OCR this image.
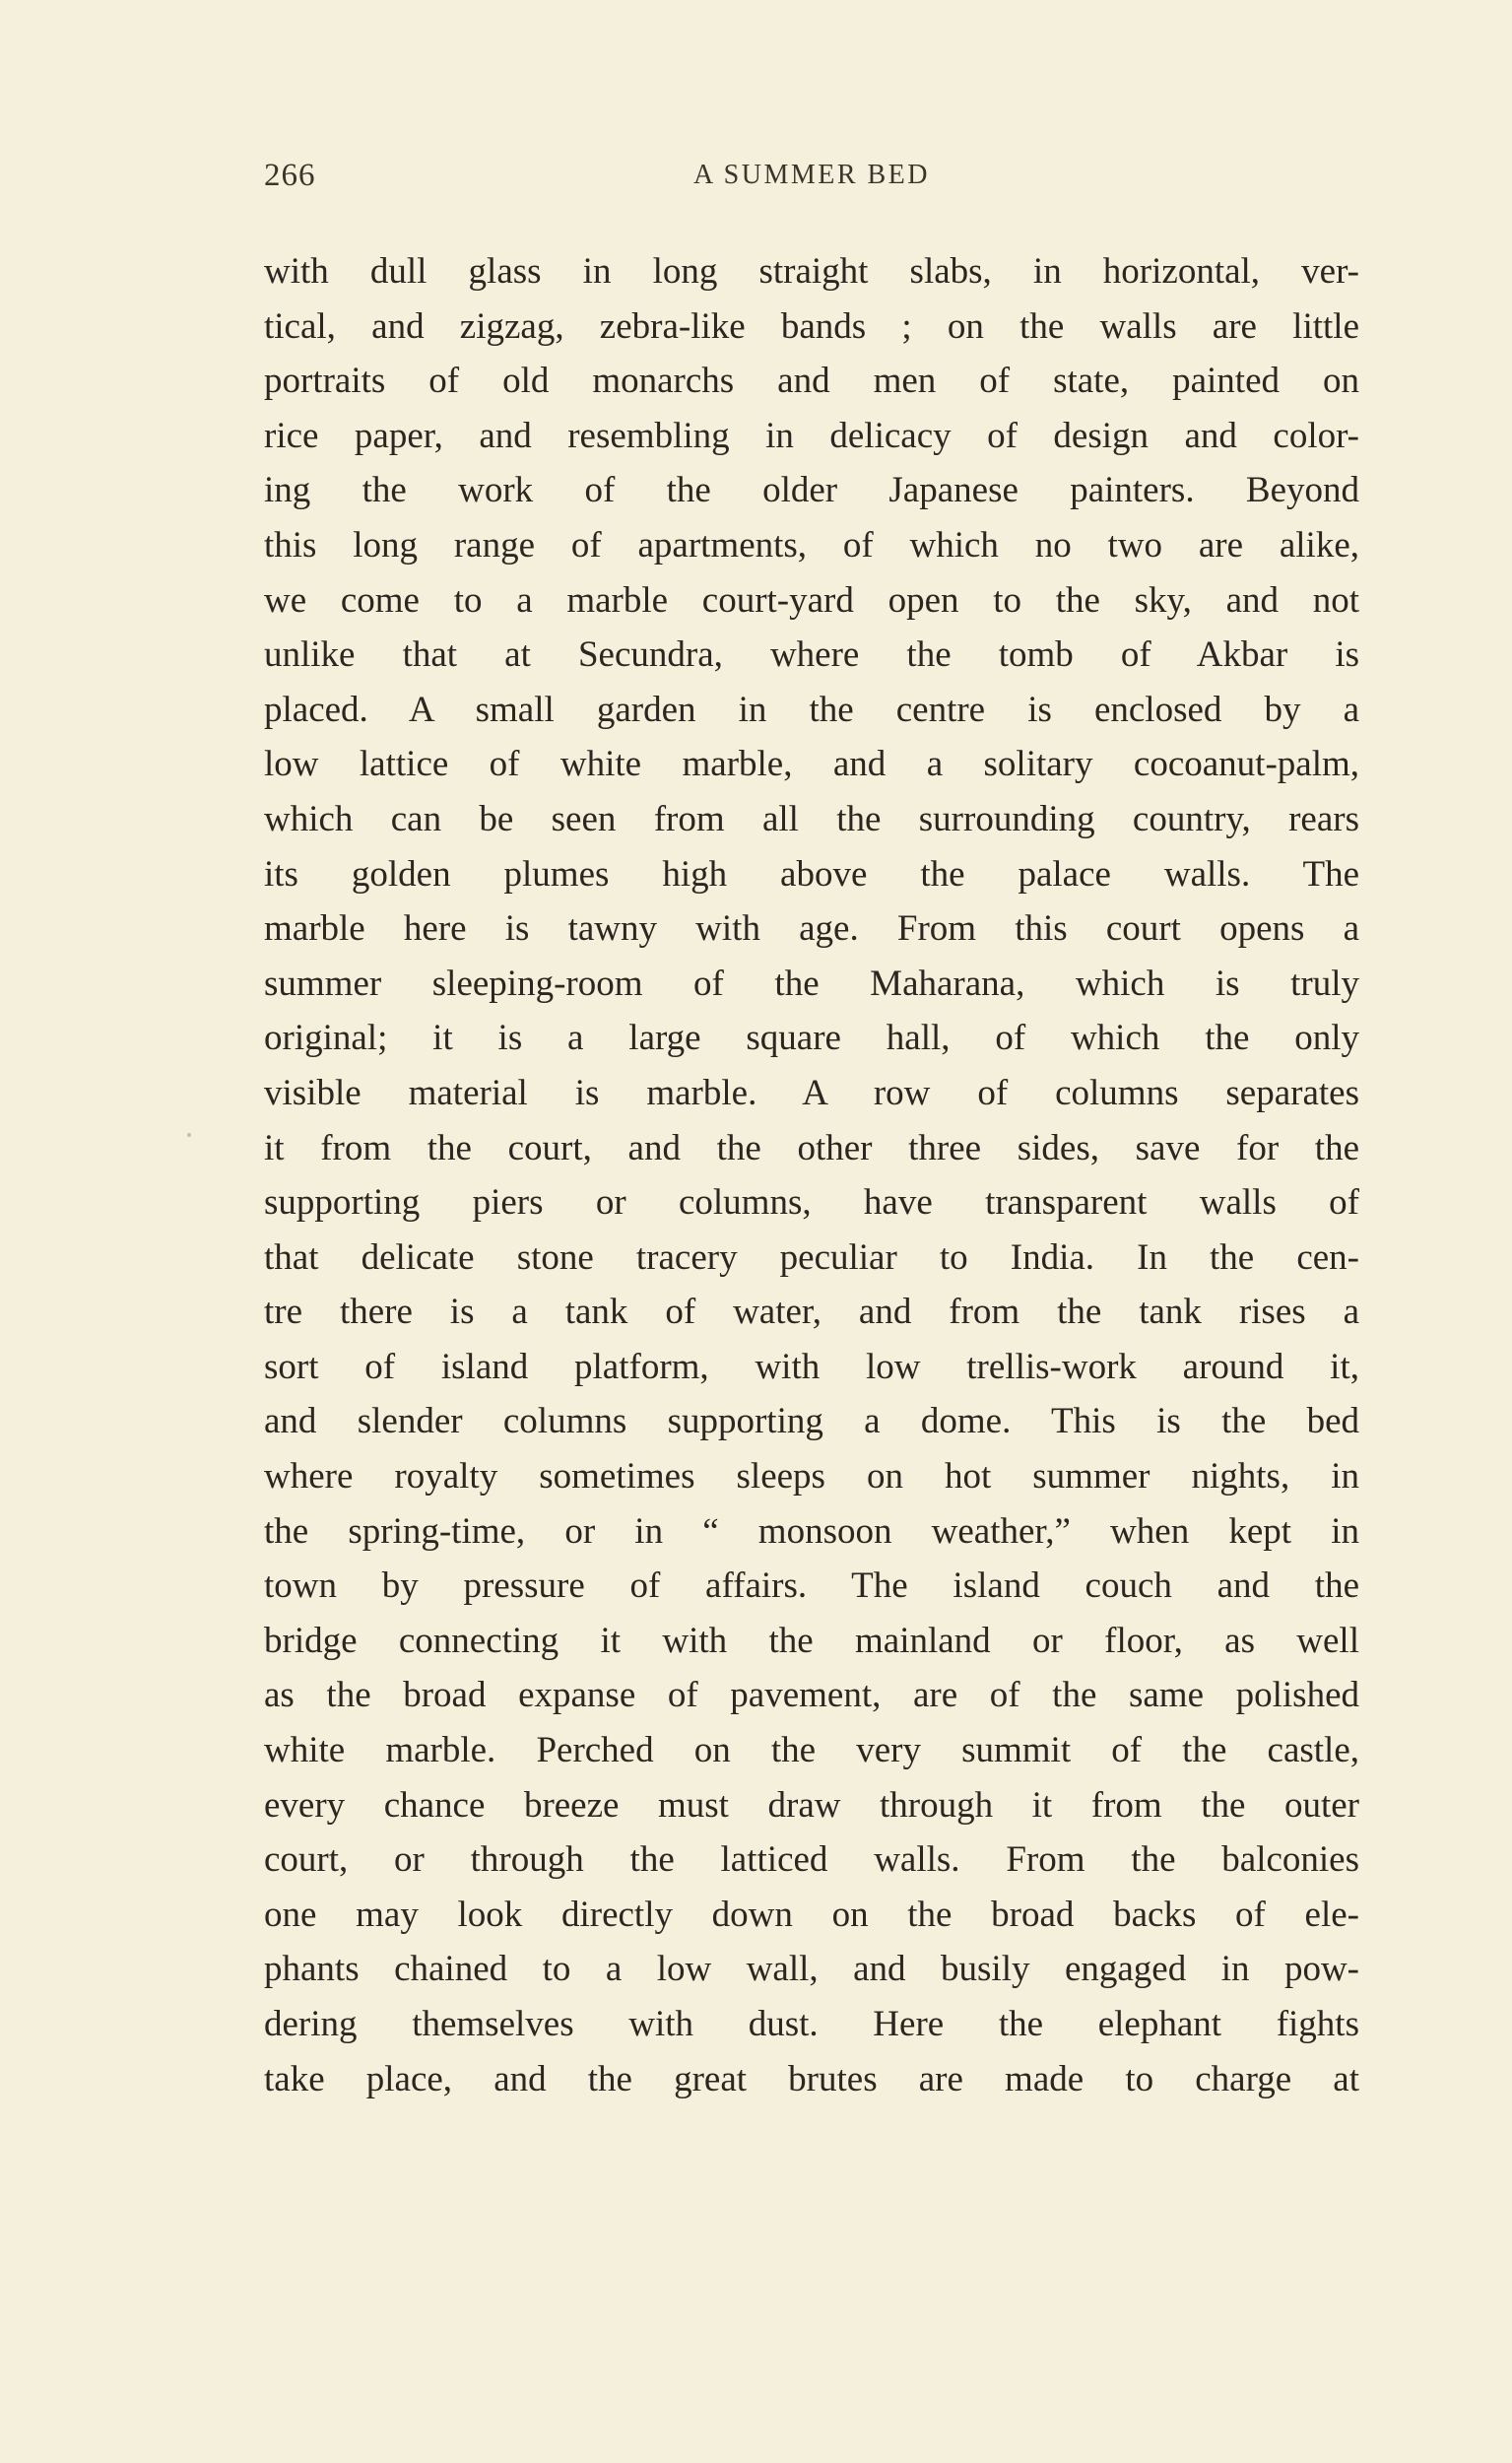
266	A SUMMER BED
with dull glass in long straight slabs, in horizontal, ver-
tical, and zigzag, zebra-like bands ; on the walls are little
portraits of old monarchs and men of state, painted on
rice paper, and resembling in delicacy of design and color-
ing the work of the older Japanese painters. Beyond
this long range of apartments, of which no two are alike,
we come to a marble court-yard open to the sky, and not
unlike that at Secundra, where the tomb of Akbar is
placed. A small garden in the centre is enclosed by a
low lattice of white marble, and a solitary cocoanut-palm,
which can be seen from all the surrounding country, rears
its golden plumes high above the palace walls. The
marble here is tawny with age. From this court opens a
summer sleeping-room of the Maharana, which is truly
original; it is a large square hall, of which the only
visible material is marble. A row of columns separates
it from the court, and the other three sides, save for the
supporting piers or columns, have transparent walls of
that delicate stone tracery peculiar to India. In the cen-
tre there is a tank of water, and from the tank rises a
sort of island platform, with low trellis-work around it,
and slender columns supporting a dome. This is the bed
where royalty sometimes sleeps on hot summer nights, in
the spring-time, or in “ monsoon weather,” when kept in
town by pressure of affairs. The island couch and the
bridge connecting it with the mainland or floor, as well
as the broad expanse of pavement, are of the same polished
white marble. Perched on the very summit of the castle,
every chance breeze must draw through it from the outer
court, or through the latticed walls. From the balconies
one may look directly down on the broad backs of ele-
phants chained to a low wall, and busily engaged in pow-
dering themselves with dust. Here the elephant fights
take place, and the great brutes are made to charge at
